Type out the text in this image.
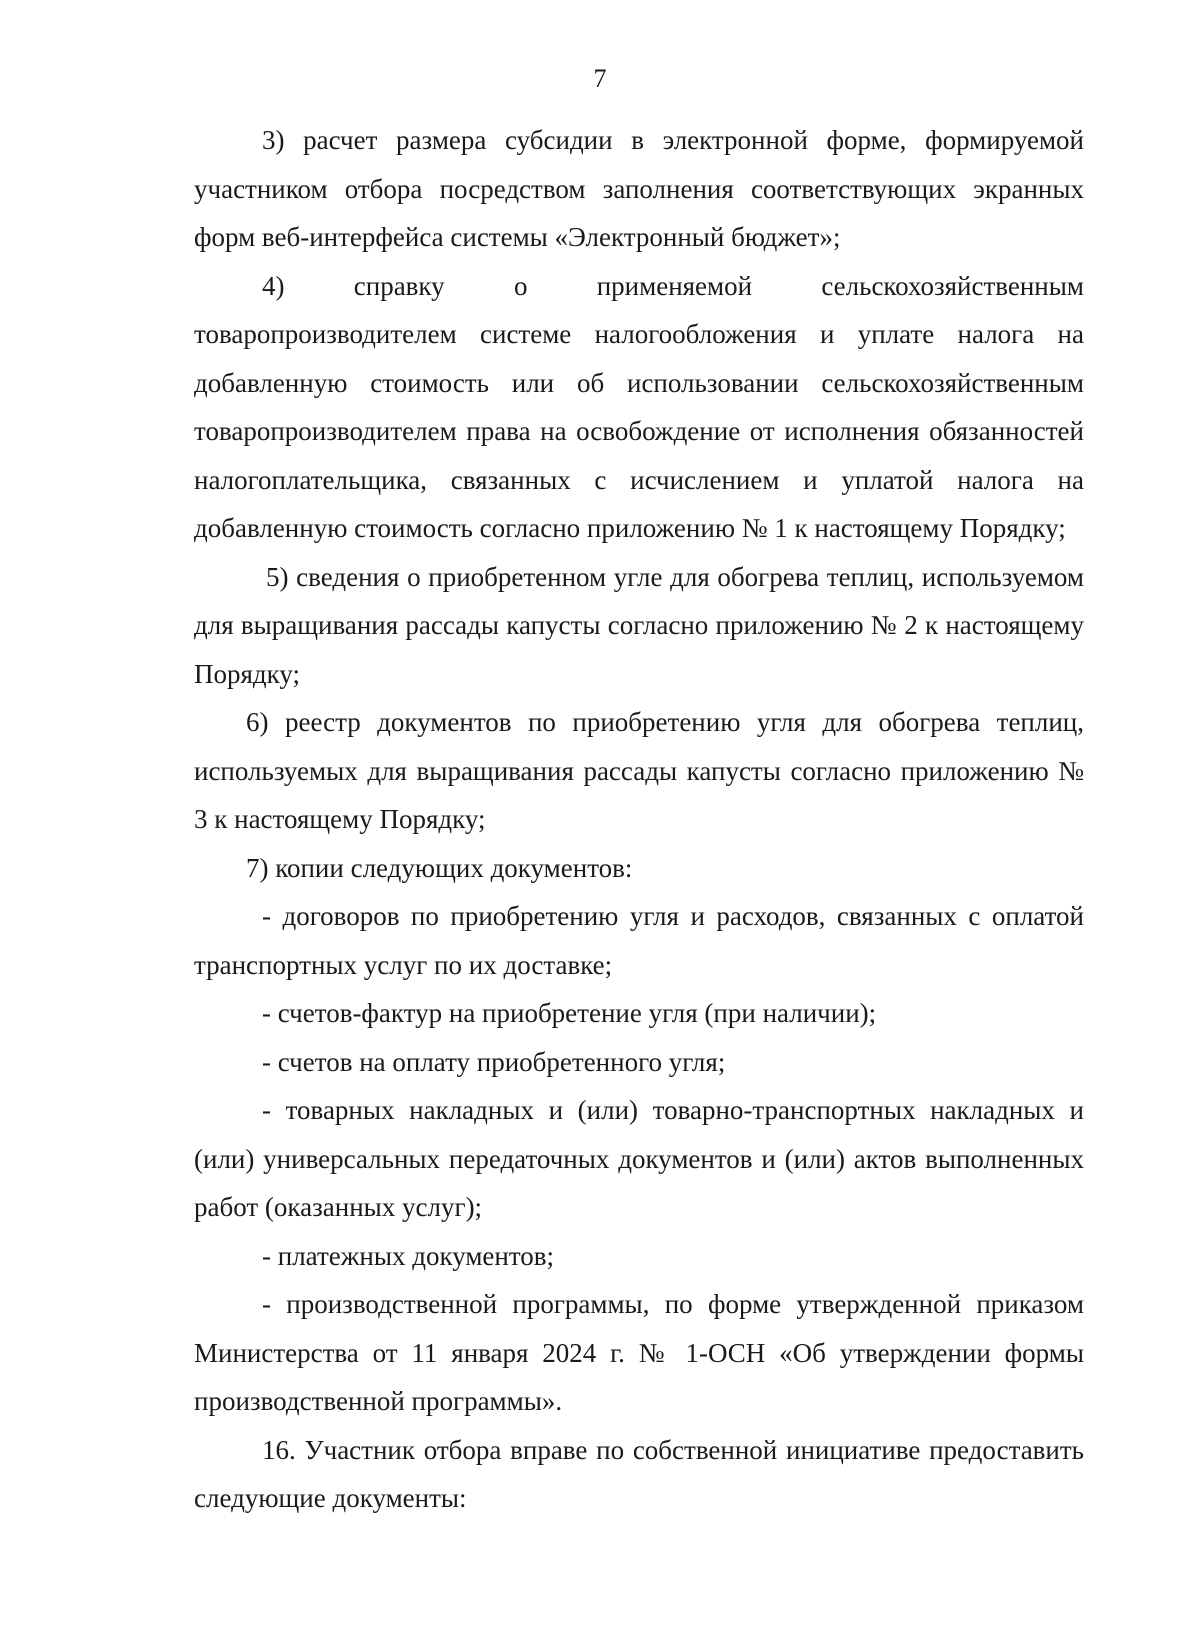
7

3) расчет размера субсидии в электронной форме, формируемой участником отбора посредством заполнения соответствующих экранных форм веб-интерфейса системы «Электронный бюджет»;

4) справку о применяемой сельскохозяйственным товаропроизводителем системе налогообложения и уплате налога на добавленную стоимость или об использовании сельскохозяйственным товаропроизводителем права на освобождение от исполнения обязанностей налогоплательщика, связанных с исчислением и уплатой налога на добавленную стоимость согласно приложению № 1 к настоящему Порядку;

5) сведения о приобретенном угле для обогрева теплиц, используемом для выращивания рассады капусты согласно приложению № 2 к настоящему Порядку;

6) реестр документов по приобретению угля для обогрева теплиц, используемых для выращивания рассады капусты согласно приложению № 3 к настоящему Порядку;

7) копии следующих документов:

- договоров по приобретению угля и расходов, связанных с оплатой транспортных услуг по их доставке;

- счетов-фактур на приобретение угля (при наличии);

- счетов на оплату приобретенного угля;

- товарных накладных и (или) товарно-транспортных накладных и (или) универсальных передаточных документов и (или) актов выполненных работ (оказанных услуг);

- платежных документов;

- производственной программы, по форме утвержденной приказом Министерства от 11 января 2024 г. № 1-ОСН «Об утверждении формы производственной программы».

16. Участник отбора вправе по собственной инициативе предоставить следующие документы:
